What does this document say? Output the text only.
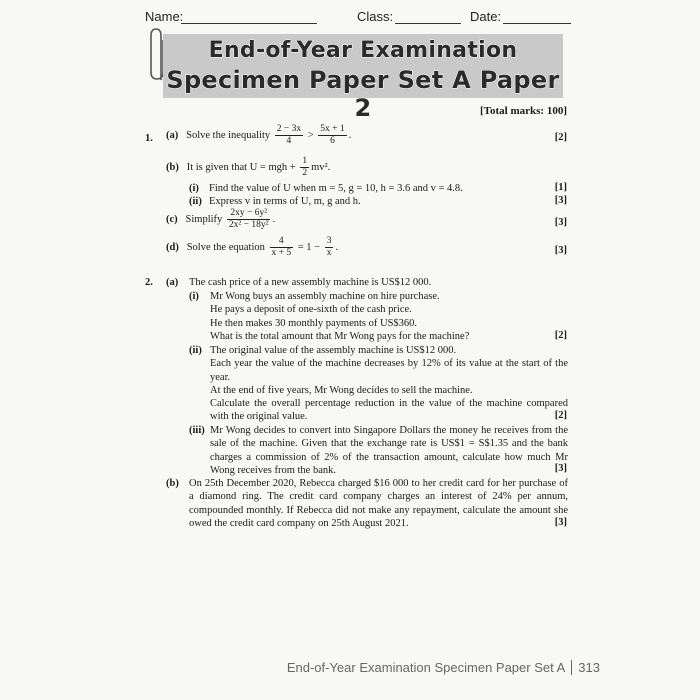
Name:	Class:	Date:
End-of-Year Examination
Specimen Paper Set A Paper 2	[Total marks: 100]
1. (a) Solve the inequality $\frac{2 - 3x}{4} > \frac{5x + 1}{6}$ .	[2]
(b) It is given that U = mgh + $\frac{1}{2} mv^2$.
(i) Find the value of U when m = 5, g = 10, h = 3.6 and v = 4.8.	[1]
(ii) Express v in terms of U, m, g and h.	[3]
(c) Simplify $\frac{\text{2xy − 6y²}}{\text{2x² − 18y²}}$ .	[3]
(d) Solve the equation $\frac{4}{x + 5} = 1 - \frac{3}{x}$ .	[3]
2. (a) The cash price of a new assembly machine is US$12 000.
(i) Mr Wong buys an assembly machine on hire purchase.
He pays a deposit of one-sixth of the cash price.
He then makes 30 monthly payments of US$360.
What is the total amount that Mr Wong pays for the machine?	[2]
(ii) The original value of the assembly machine is US$12 000.
Each year the value of the machine decreases by 12% of its value at the start of the year.
At the end of five years, Mr Wong decides to sell the machine.
Calculate the overall percentage reduction in the value of the machine compared with the original value.	[2]
(iii) Mr Wong decides to convert into Singapore Dollars the money he receives from the sale of the machine. Given that the exchange rate is US$1 = S$1.35 and the bank charges a commission of 2% of the transaction amount, calculate how much Mr Wong receives from the bank.	[3]
(b) On 25th December 2020, Rebecca charged $16 000 to her credit card for her purchase of a diamond ring. The credit card company charges an interest of 24% per annum, compounded monthly. If Rebecca did not make any repayment, calculate the amount she owed the credit card company on 25th August 2021.	[3]
End-of-Year Examination Specimen Paper Set A 313
